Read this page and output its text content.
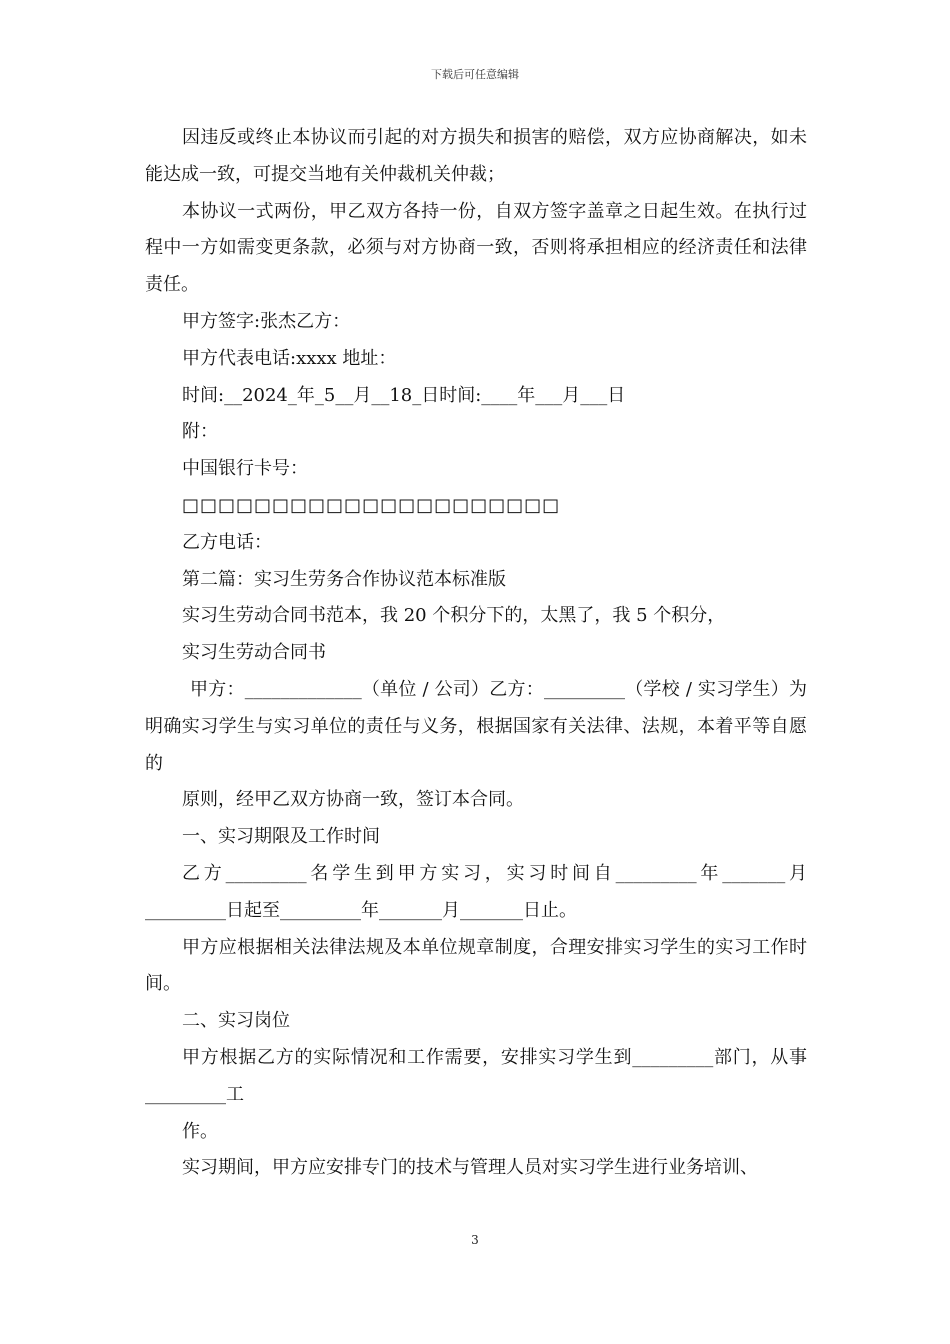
下载后可任意编辑

因违反或终止本协议而引起的对方损失和损害的赔偿，双方应协商解决，如未能达成一致，可提交当地有关仲裁机关仲裁；

本协议一式两份，甲乙双方各持一份，自双方签字盖章之日起生效。在执行过程中一方如需变更条款，必须与对方协商一致，否则将承担相应的经济责任和法律责任。

甲方签字:张杰乙方：

甲方代表电话:xxxx 地址：

时间:__2024_年_5__月__18_日时间:____年___月___日

附：

中国银行卡号：

□□□□□□□□□□□□□□□□□□□□□

乙方电话：

第二篇：实习生劳务合作协议范本标准版

实习生劳动合同书范本，我 20 个积分下的，太黑了，我 5 个积分，

实习生劳动合同书

甲方：_____________（单位 / 公司）乙方：_________（学校 / 实习学生）为明确实习学生与实习单位的责任与义务，根据国家有关法律、法规，本着平等自愿的

原则，经甲乙双方协商一致，签订本合同。

一、实习期限及工作时间

乙方_________名学生到甲方实习，实习时间自_________年_______月_________日起至_________年_______月_______日止。

甲方应根据相关法律法规及本单位规章制度，合理安排实习学生的实习工作时间。

二、实习岗位

甲方根据乙方的实际情况和工作需要，安排实习学生到_________部门，从事_________工

作。

实习期间，甲方应安排专门的技术与管理人员对实习学生进行业务培训、

3
